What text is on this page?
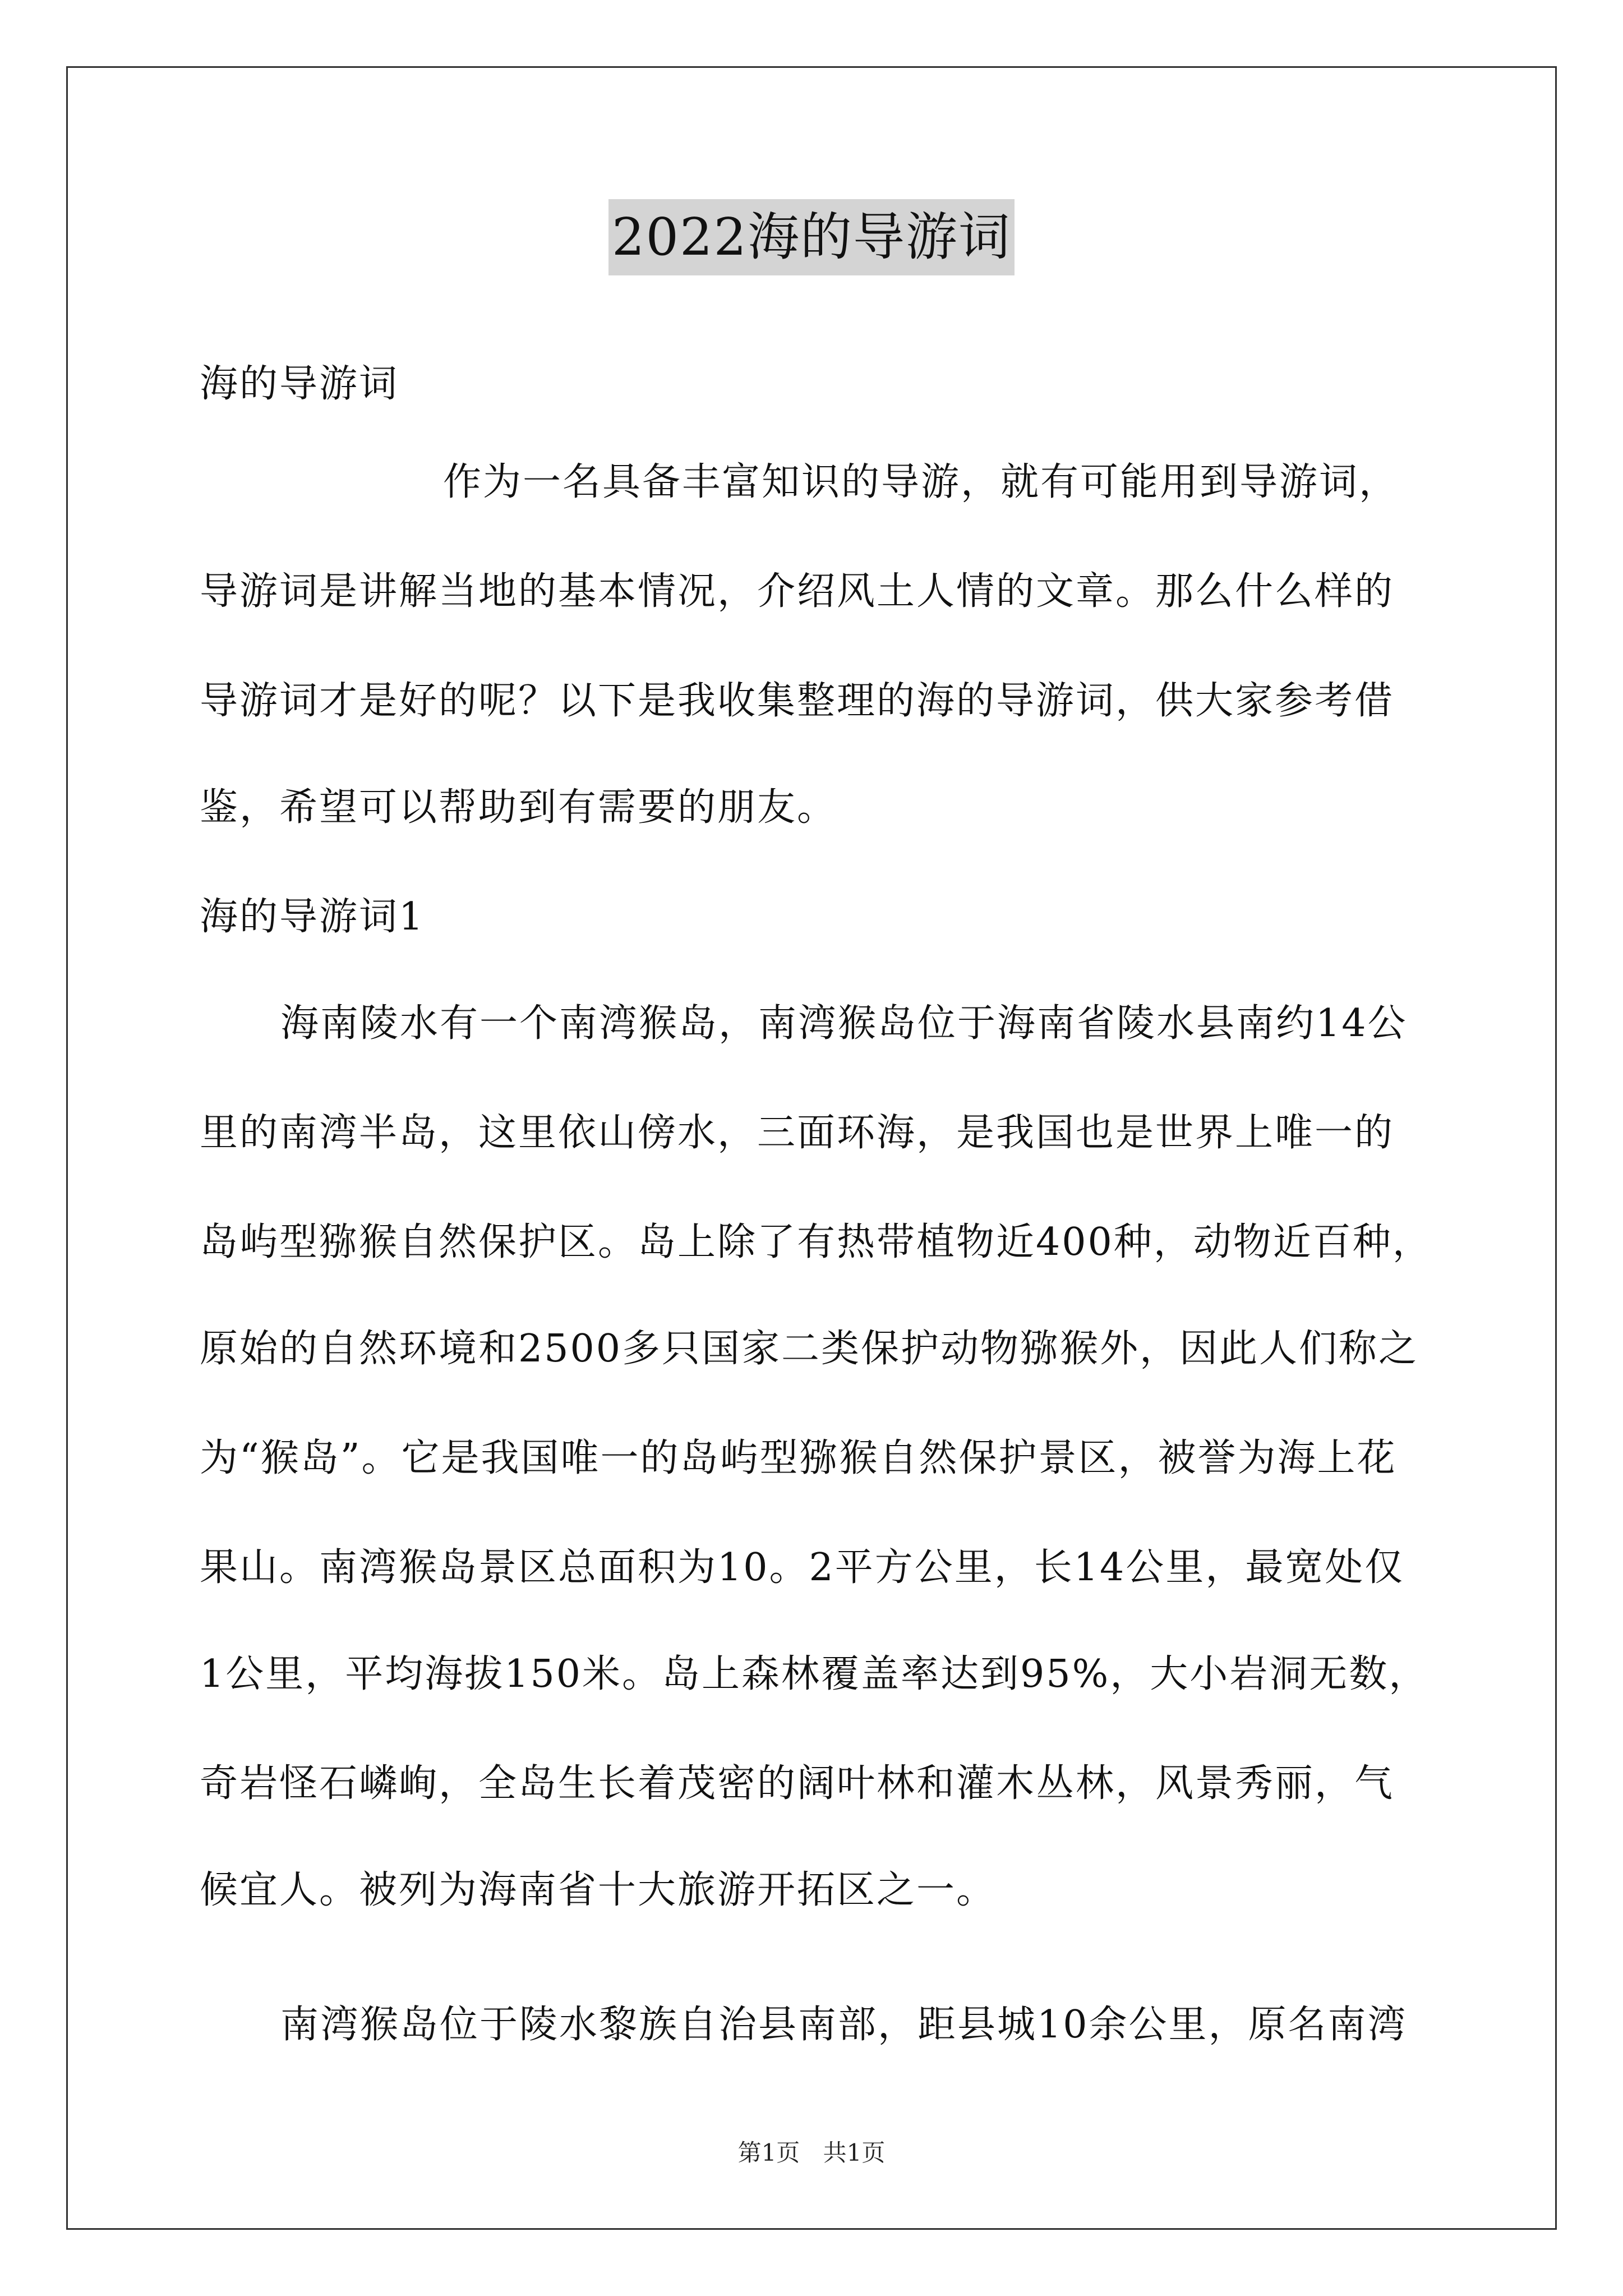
2022海的导游词
海的导游词
作为一名具备丰富知识的导游，就有可能用到导游词，
导游词是讲解当地的基本情况，介绍风土人情的文章。那么什么样的
导游词才是好的呢？以下是我收集整理的海的导游词，供大家参考借
鉴，希望可以帮助到有需要的朋友。
海的导游词1
海南陵水有一个南湾猴岛，南湾猴岛位于海南省陵水县南约14公
里的南湾半岛，这里依山傍水，三面环海，是我国也是世界上唯一的
岛屿型猕猴自然保护区。岛上除了有热带植物近400种，动物近百种，
原始的自然环境和2500多只国家二类保护动物猕猴外，因此人们称之
为“猴岛”。它是我国唯一的岛屿型猕猴自然保护景区，被誉为海上花
果山。南湾猴岛景区总面积为10。2平方公里，长14公里，最宽处仅
1公里，平均海拔150米。岛上森林覆盖率达到95%，大小岩洞无数，
奇岩怪石嶙峋，全岛生长着茂密的阔叶林和灌木丛林，风景秀丽，气
候宜人。被列为海南省十大旅游开拓区之一。
南湾猴岛位于陵水黎族自治县南部，距县城10余公里，原名南湾
第1页 共1页
